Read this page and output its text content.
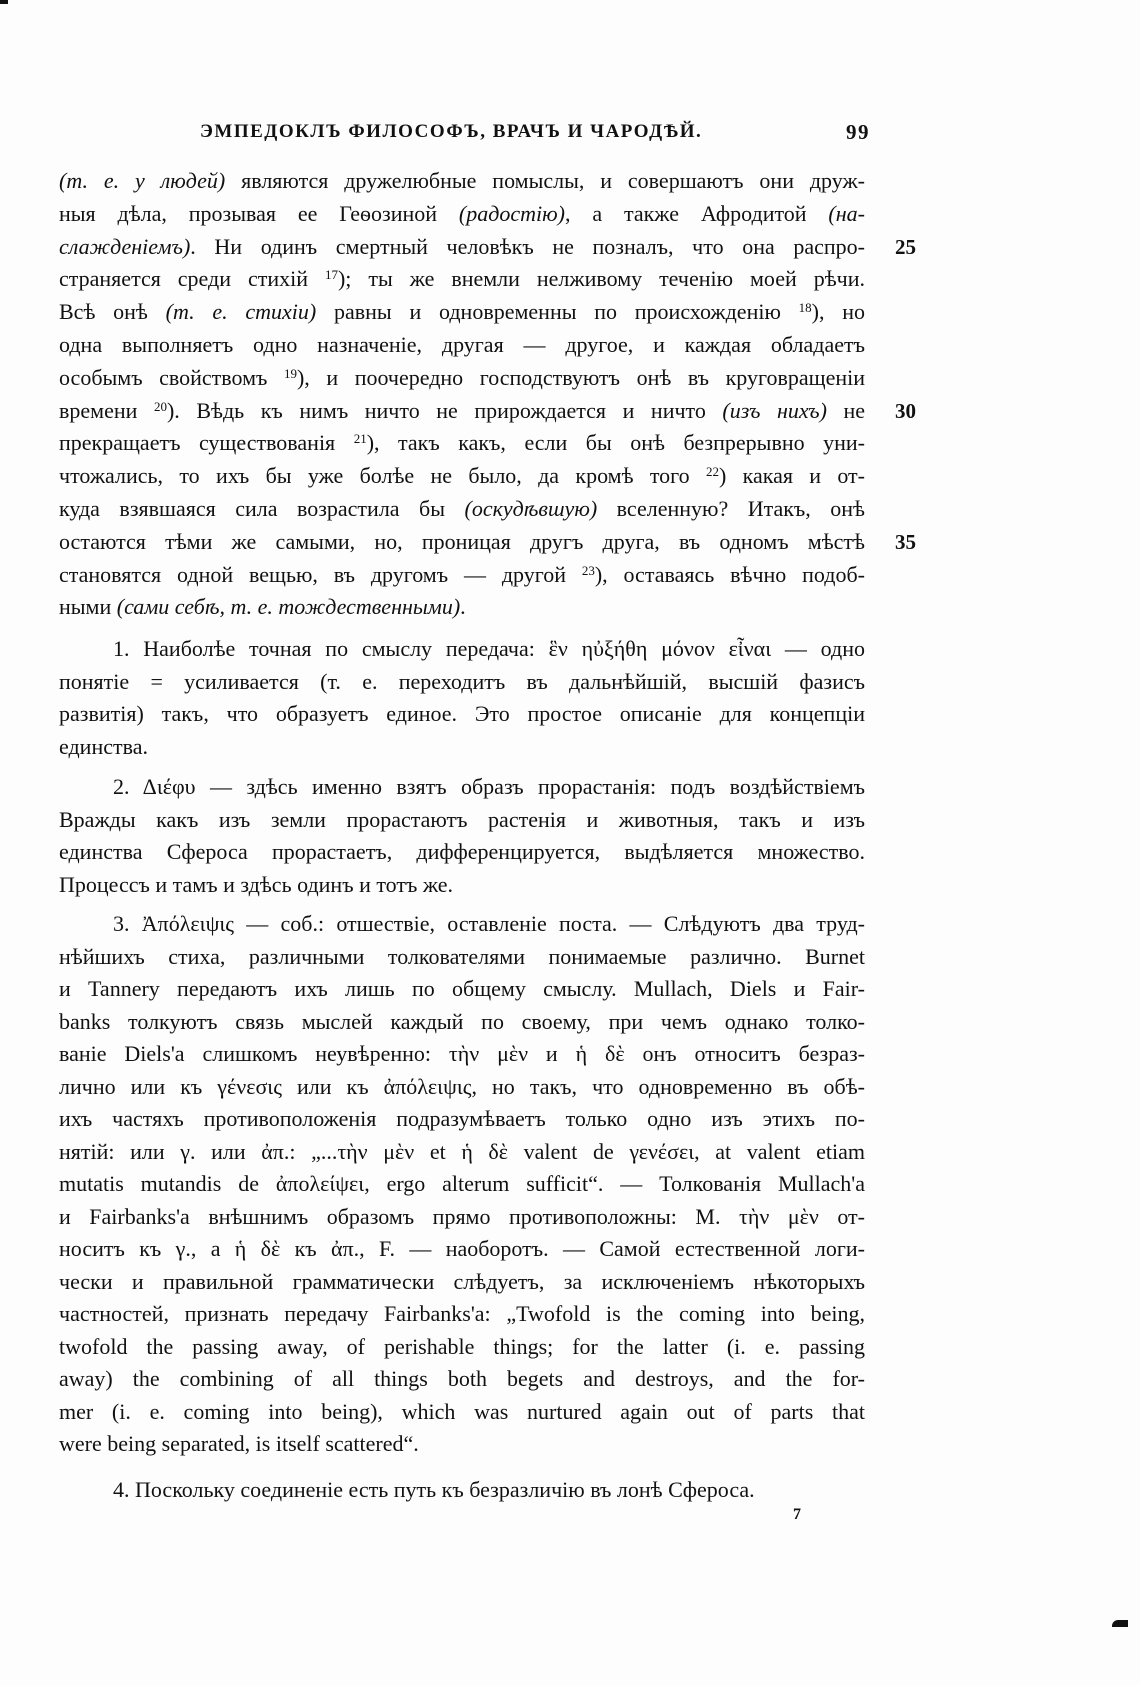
ЭМПЕДОКЛЪ ФИЛОСОФЪ, ВРАЧЪ И ЧАРОДѢЙ.	99
(т. е. у людей) являются дружелюбные помыслы, и совершаютъ они друж-
ныя дѣла, прозывая ее Геѳозиной (радостію), а также Афродитой (на-
слажденіемъ). Ни одинъ смертный человѣкъ не позналъ, что она распро- 25
страняется среди стихій $^{17}$); ты же внемли нелживому теченію моей рѣчи.
Всѣ онѣ (т. е. стихіи) равны и одновременны по происхожденію $^{18}$), но
одна выполняетъ одно назначеніе, другая — другое, и каждая обладаетъ
особымъ свойствомъ $^{19}$), и поочередно господствуютъ онѣ въ круговращеніи
времени $^{20}$). Вѣдь къ нимъ ничто не прирождается и ничто (изъ нихъ) не 30
прекращаетъ существованія $^{21}$), такъ какъ, если бы онѣ безпрерывно уни-
чтожались, то ихъ бы уже болѣе не было, да кромѣ того $^{22}$) какая и от-
куда взявшаяся сила возрастила бы (оскудѣвшую) вселенную? Итакъ, онѣ
остаются тѣми же самыми, но, проницая другъ друга, въ одномъ мѣстѣ 35
становятся одной вещью, въ другомъ — другой $^{23}$), оставаясь вѣчно подоб-
ными (сами себѣ, т. е. тождественными).
1. Наиболѣе точная по смыслу передача: ἓν ηὐξήθη μόνον εἶναι — одно
понятіе = усиливается (т. е. переходитъ въ дальнѣйшій, высшій фазисъ
развитія) такъ, что образуетъ единое. Это простое описаніе для концепціи
единства.
2. Διέφυ — здѣсь именно взятъ образъ прорастанія: подъ воздѣйствіемъ
Вражды какъ изъ земли прорастаютъ растенія и животныя, такъ и изъ
единства Сфероса прорастаетъ, дифференцируется, выдѣляется множество.
Процессъ и тамъ и здѣсь одинъ и тотъ же.
3. Ἀπόλειψις — соб.: отшествіе, оставленіе поста. — Слѣдуютъ два труд-
нѣйшихъ стиха, различными толкователями понимаемые различно. Burnet
и Tannery передаютъ ихъ лишь по общему смыслу. Mullach, Diels и Fair-
banks толкуютъ связь мыслей каждый по своему, при чемъ однако толко-
ваніе Diels'а слишкомъ неувѣренно: τὴν μὲν и ἡ δὲ онъ относитъ безраз-
лично или къ γένεσις или къ ἀπόλειψις, но такъ, что одновременно въ обѣ-
ихъ частяхъ противоположенія подразумѣваетъ только одно изъ этихъ по-
нятій: или γ. или ἀπ.: „...τὴν μὲν et ἡ δὲ valent de γενέσει, at valent etiam
mutatis mutandis de ἀπολείψει, ergo alterum sufficit“. — Толкованія Mullach'а
и Fairbanks'а внѣшнимъ образомъ прямо противоположны: М. τὴν μὲν от-
носитъ къ γ., а ἡ δὲ къ ἀπ., F. — наоборотъ. — Самой естественной логи-
чески и правильной грамматически слѣдуетъ, за исключеніемъ нѣкоторыхъ
частностей, признать передачу Fairbanks'а: „Twofold is the coming into being,
twofold the passing away, of perishable things; for the latter (i. e. passing
away) the combining of all things both begets and destroys, and the for-
mer (i. e. coming into being), which was nurtured again out of parts that
were being separated, is itself scattered“.
4. Поскольку соединеніе есть путь къ безразличію въ лонѣ Сфероса.
7
